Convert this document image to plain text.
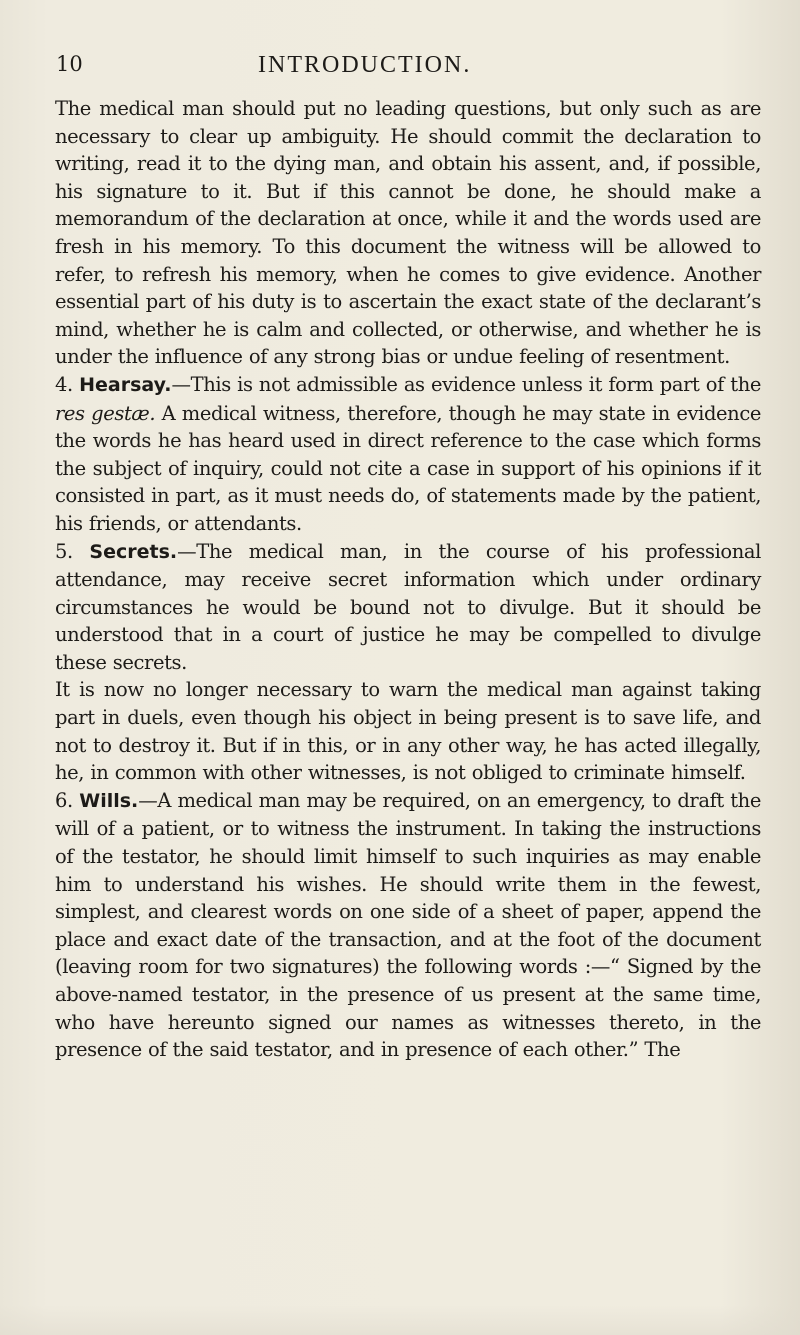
10	INTRODUCTION.

The medical man should put no leading questions, but only such as are necessary to clear up ambiguity. He should commit the declaration to writing, read it to the dying man, and obtain his assent, and, if possible, his signature to it. But if this cannot be done, he should make a memorandum of the declaration at once, while it and the words used are fresh in his memory. To this document the witness will be allowed to refer, to refresh his memory, when he comes to give evidence. Another essential part of his duty is to ascertain the exact state of the declarant’s mind, whether he is calm and collected, or otherwise, and whether he is under the influence of any strong bias or undue feeling of resentment.

4. Hearsay.—This is not admissible as evidence unless it form part of the res gestæ. A medical witness, therefore, though he may state in evidence the words he has heard used in direct reference to the case which forms the subject of inquiry, could not cite a case in support of his opinions if it consisted in part, as it must needs do, of statements made by the patient, his friends, or attendants.

5. Secrets.—The medical man, in the course of his professional attendance, may receive secret information which under ordinary circumstances he would be bound not to divulge. But it should be understood that in a court of justice he may be compelled to divulge these secrets.

It is now no longer necessary to warn the medical man against taking part in duels, even though his object in being present is to save life, and not to destroy it. But if in this, or in any other way, he has acted illegally, he, in common with other witnesses, is not obliged to criminate himself.

6. Wills.—A medical man may be required, on an emergency, to draft the will of a patient, or to witness the instrument. In taking the instructions of the testator, he should limit himself to such inquiries as may enable him to understand his wishes. He should write them in the fewest, simplest, and clearest words on one side of a sheet of paper, append the place and exact date of the transaction, and at the foot of the document (leaving room for two signatures) the following words :—“ Signed by the above-named testator, in the presence of us present at the same time, who have hereunto signed our names as witnesses thereto, in the presence of the said testator, and in presence of each other.” The
